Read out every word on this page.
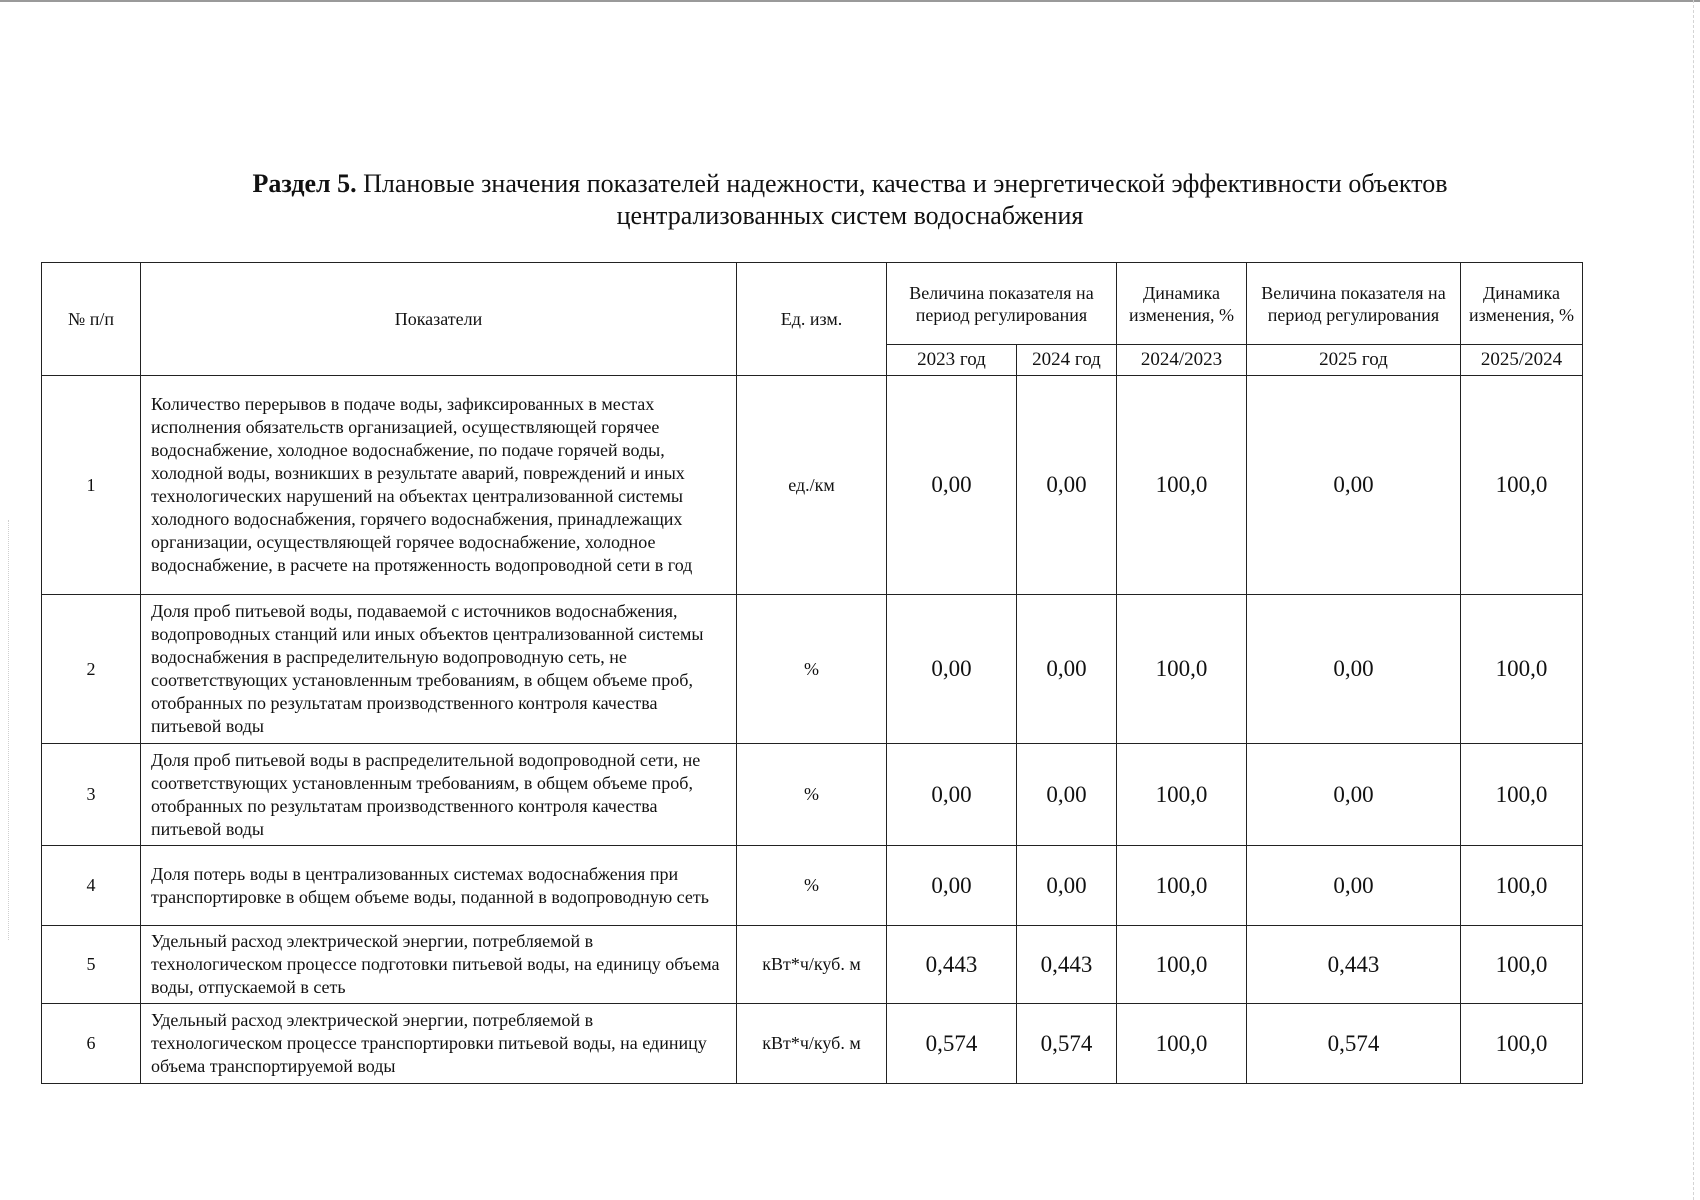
Раздел 5. Плановые значения показателей надежности, качества и энергетической эффективности объектов
централизованных систем водоснабжения
№ п/п	Показатели	Ед. изм.	Величина показателя на период регулирования		Динамика изменения, %	Величина показателя на период регулирования	Динамика изменения, %
			2023 год	2024 год	2024/2023	2025 год	2025/2024
1	Количество перерывов в подаче воды, зафиксированных в местах исполнения обязательств организацией, осуществляющей горячее водоснабжение, холодное водоснабжение, по подаче горячей воды, холодной воды, возникших в результате аварий, повреждений и иных технологических нарушений на объектах централизованной системы холодного водоснабжения, горячего водоснабжения, принадлежащих организации, осуществляющей горячее водоснабжение, холодное водоснабжение, в расчете на протяженность водопроводной сети в год	ед./км	0,00	0,00	100,0	0,00	100,0
2	Доля проб питьевой воды, подаваемой с источников водоснабжения, водопроводных станций или иных объектов централизованной системы водоснабжения в распределительную водопроводную сеть, не соответствующих установленным требованиям, в общем объеме проб, отобранных по результатам производственного контроля качества питьевой воды	%	0,00	0,00	100,0	0,00	100,0
3	Доля проб питьевой воды в распределительной водопроводной сети, не соответствующих установленным требованиям, в общем объеме проб, отобранных по результатам производственного контроля качества питьевой воды	%	0,00	0,00	100,0	0,00	100,0
4	Доля потерь воды в централизованных системах водоснабжения при транспортировке в общем объеме воды, поданной в водопроводную сеть	%	0,00	0,00	100,0	0,00	100,0
5	Удельный расход электрической энергии, потребляемой в технологическом процессе подготовки питьевой воды, на единицу объема воды, отпускаемой в сеть	кВт*ч/куб. м	0,443	0,443	100,0	0,443	100,0
6	Удельный расход электрической энергии, потребляемой в технологическом процессе транспортировки питьевой воды, на единицу объема транспортируемой воды	кВт*ч/куб. м	0,574	0,574	100,0	0,574	100,0
